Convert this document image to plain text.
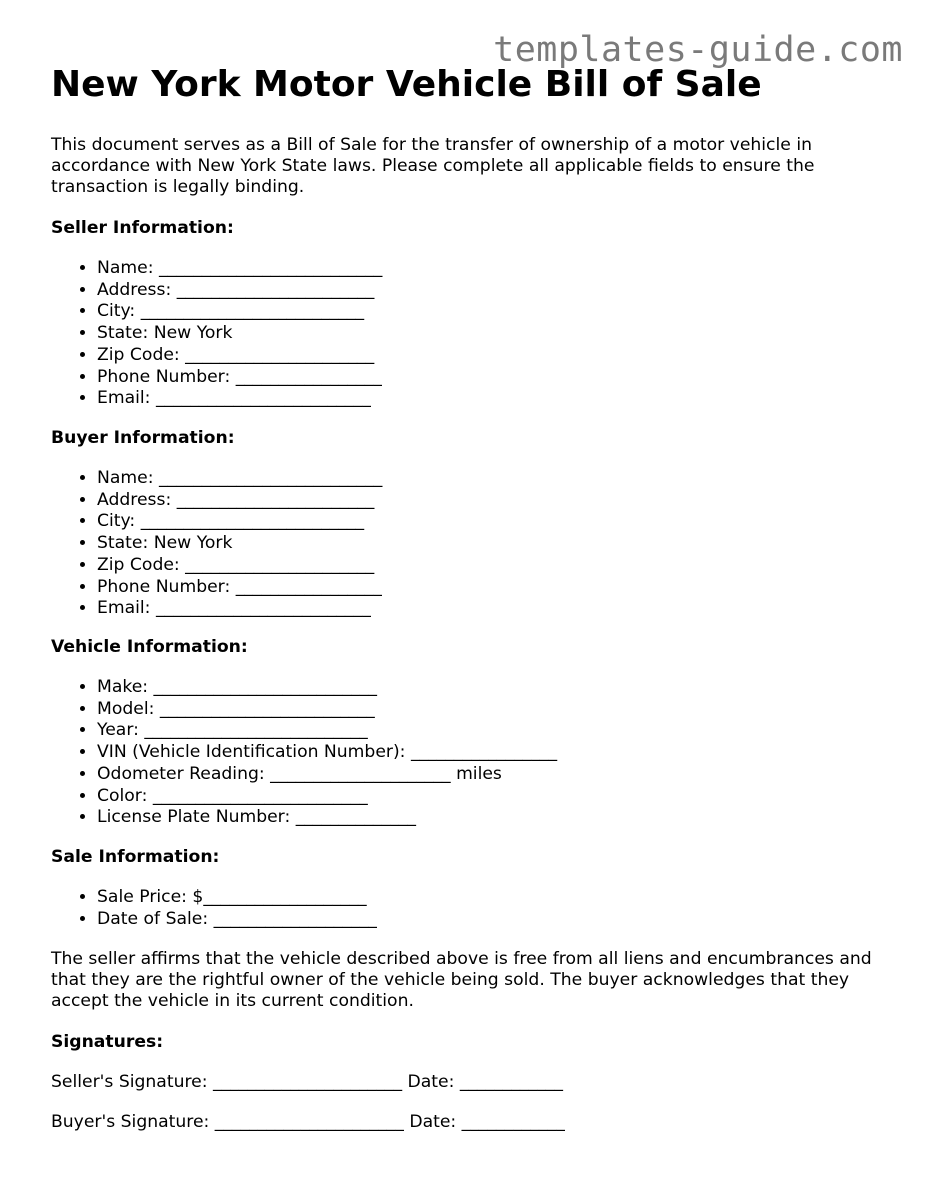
templates-guide.com
New York Motor Vehicle Bill of Sale

This document serves as a Bill of Sale for the transfer of ownership of a motor vehicle in accordance with New York State laws. Please complete all applicable fields to ensure the transaction is legally binding.

Seller Information:

• Name: __________________________
• Address: _______________________
• City: __________________________
• State: New York
• Zip Code: ______________________
• Phone Number: _________________
• Email: _________________________

Buyer Information:

• Name: __________________________
• Address: _______________________
• City: __________________________
• State: New York
• Zip Code: ______________________
• Phone Number: _________________
• Email: _________________________

Vehicle Information:

• Make: __________________________
• Model: _________________________
• Year: __________________________
• VIN (Vehicle Identification Number): _________________
• Odometer Reading: _____________________ miles
• Color: _________________________
• License Plate Number: ______________

Sale Information:

• Sale Price: $___________________
• Date of Sale: ___________________

The seller affirms that the vehicle described above is free from all liens and encumbrances and that they are the rightful owner of the vehicle being sold. The buyer acknowledges that they accept the vehicle in its current condition.

Signatures:

Seller's Signature: ______________________ Date: ____________

Buyer's Signature: ______________________ Date: ____________
